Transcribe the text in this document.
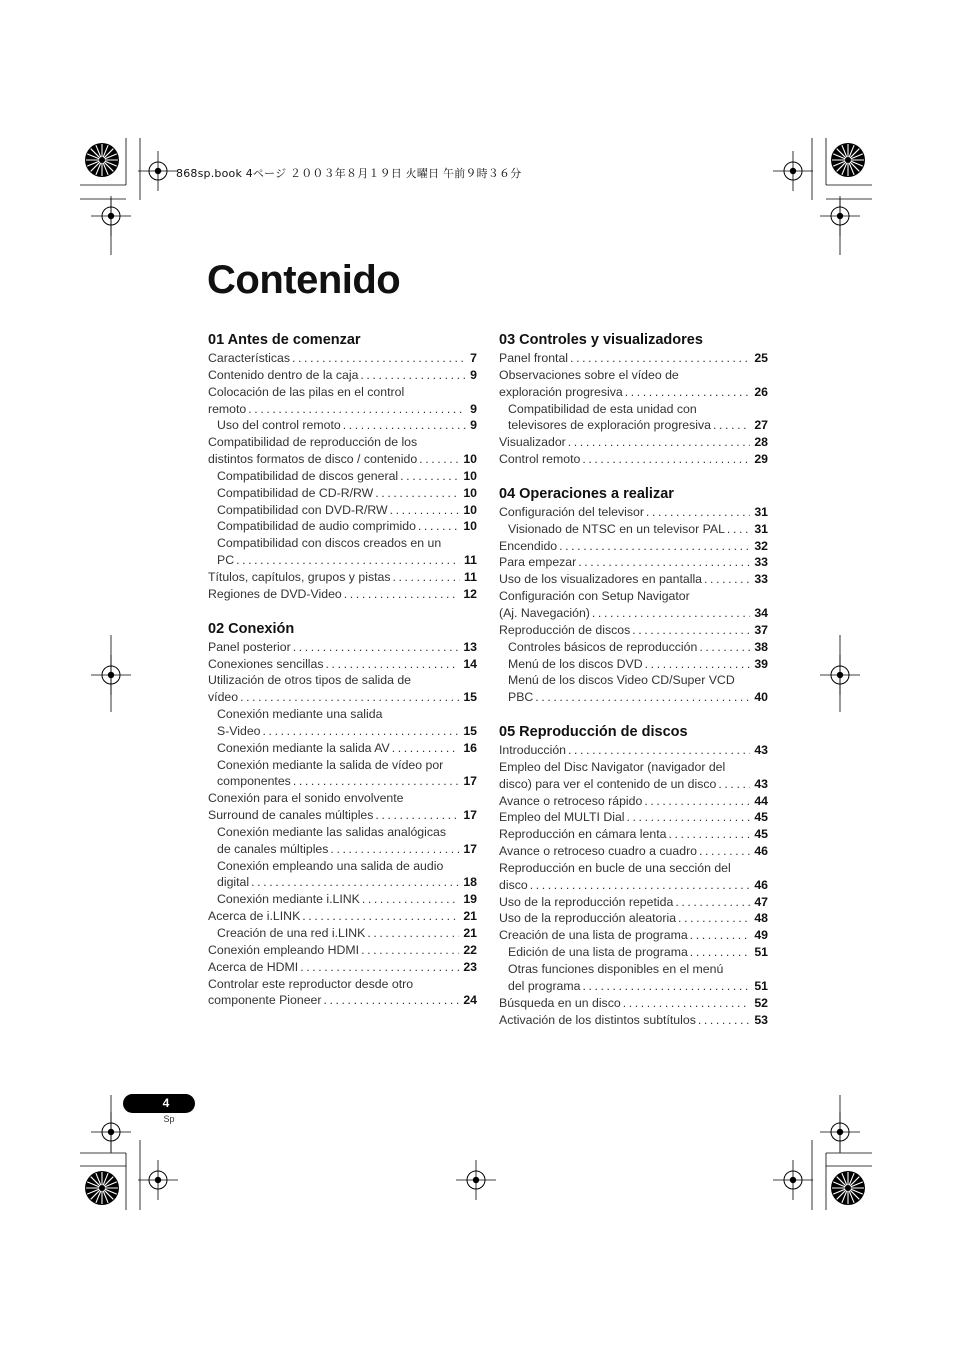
868sp.book 4ページ ２００３年８月１９日 火曜日 午前９時３６分
Contenido
01 Antes de comenzar
Características .....	7
Contenido dentro de la caja .....	9
Colocación de las pilas en el control
remoto .....	9
Uso del control remoto .....	9
Compatibilidad de reproducción de los
distintos formatos de disco / contenido .....	10
Compatibilidad de discos general .....	10
Compatibilidad de CD-R/RW .....	10
Compatibilidad con DVD-R/RW .....	10
Compatibilidad de audio comprimido .....	10
Compatibilidad con discos creados en un
PC .....	11
Títulos, capítulos, grupos y pistas .....	11
Regiones de DVD-Video .....	12
02 Conexión
Panel posterior .....	13
Conexiones sencillas .....	14
Utilización de otros tipos de salida de
vídeo .....	15
Conexión mediante una salida
S-Video .....	15
Conexión mediante la salida AV .....	16
Conexión mediante la salida de vídeo por
componentes .....	17
Conexión para el sonido envolvente
Surround de canales múltiples .....	17
Conexión mediante las salidas analógicas
de canales múltiples .....	17
Conexión empleando una salida de audio
digital .....	18
Conexión mediante i.LINK .....	19
Acerca de i.LINK .....	21
Creación de una red i.LINK .....	21
Conexión empleando HDMI .....	22
Acerca de HDMI .....	23
Controlar este reproductor desde otro
componente Pioneer .....	24
03 Controles y visualizadores
Panel frontal .....	25
Observaciones sobre el vídeo de
exploración progresiva .....	26
Compatibilidad de esta unidad con
televisores de exploración progresiva .....	27
Visualizador .....	28
Control remoto .....	29
04 Operaciones a realizar
Configuración del televisor .....	31
Visionado de NTSC en un televisor PAL ..... 31
Encendido .....	32
Para empezar .....	33
Uso de los visualizadores en pantalla .....	33
Configuración con Setup Navigator
(Aj. Navegación) .....	34
Reproducción de discos .....	37
Controles básicos de reproducción .....	38
Menú de los discos DVD .....	39
Menú de los discos Video CD/Super VCD
PBC .....	40
05 Reproducción de discos
Introducción .....	43
Empleo del Disc Navigator (navigador del
disco) para ver el contenido de un disco .....	43
Avance o retroceso rápido .....	44
Empleo del MULTI Dial .....	45
Reproducción en cámara lenta .....	45
Avance o retroceso cuadro a cuadro .....	46
Reproducción en bucle de una sección del
disco .....	46
Uso de la reproducción repetida .....	47
Uso de la reproducción aleatoria .....	48
Creación de una lista de programa .....	49
Edición de una lista de programa .....	51
Otras funciones disponibles en el menú
del programa .....	51
Búsqueda en un disco .....	52
Activación de los distintos subtítulos .....	53
4
Sp
